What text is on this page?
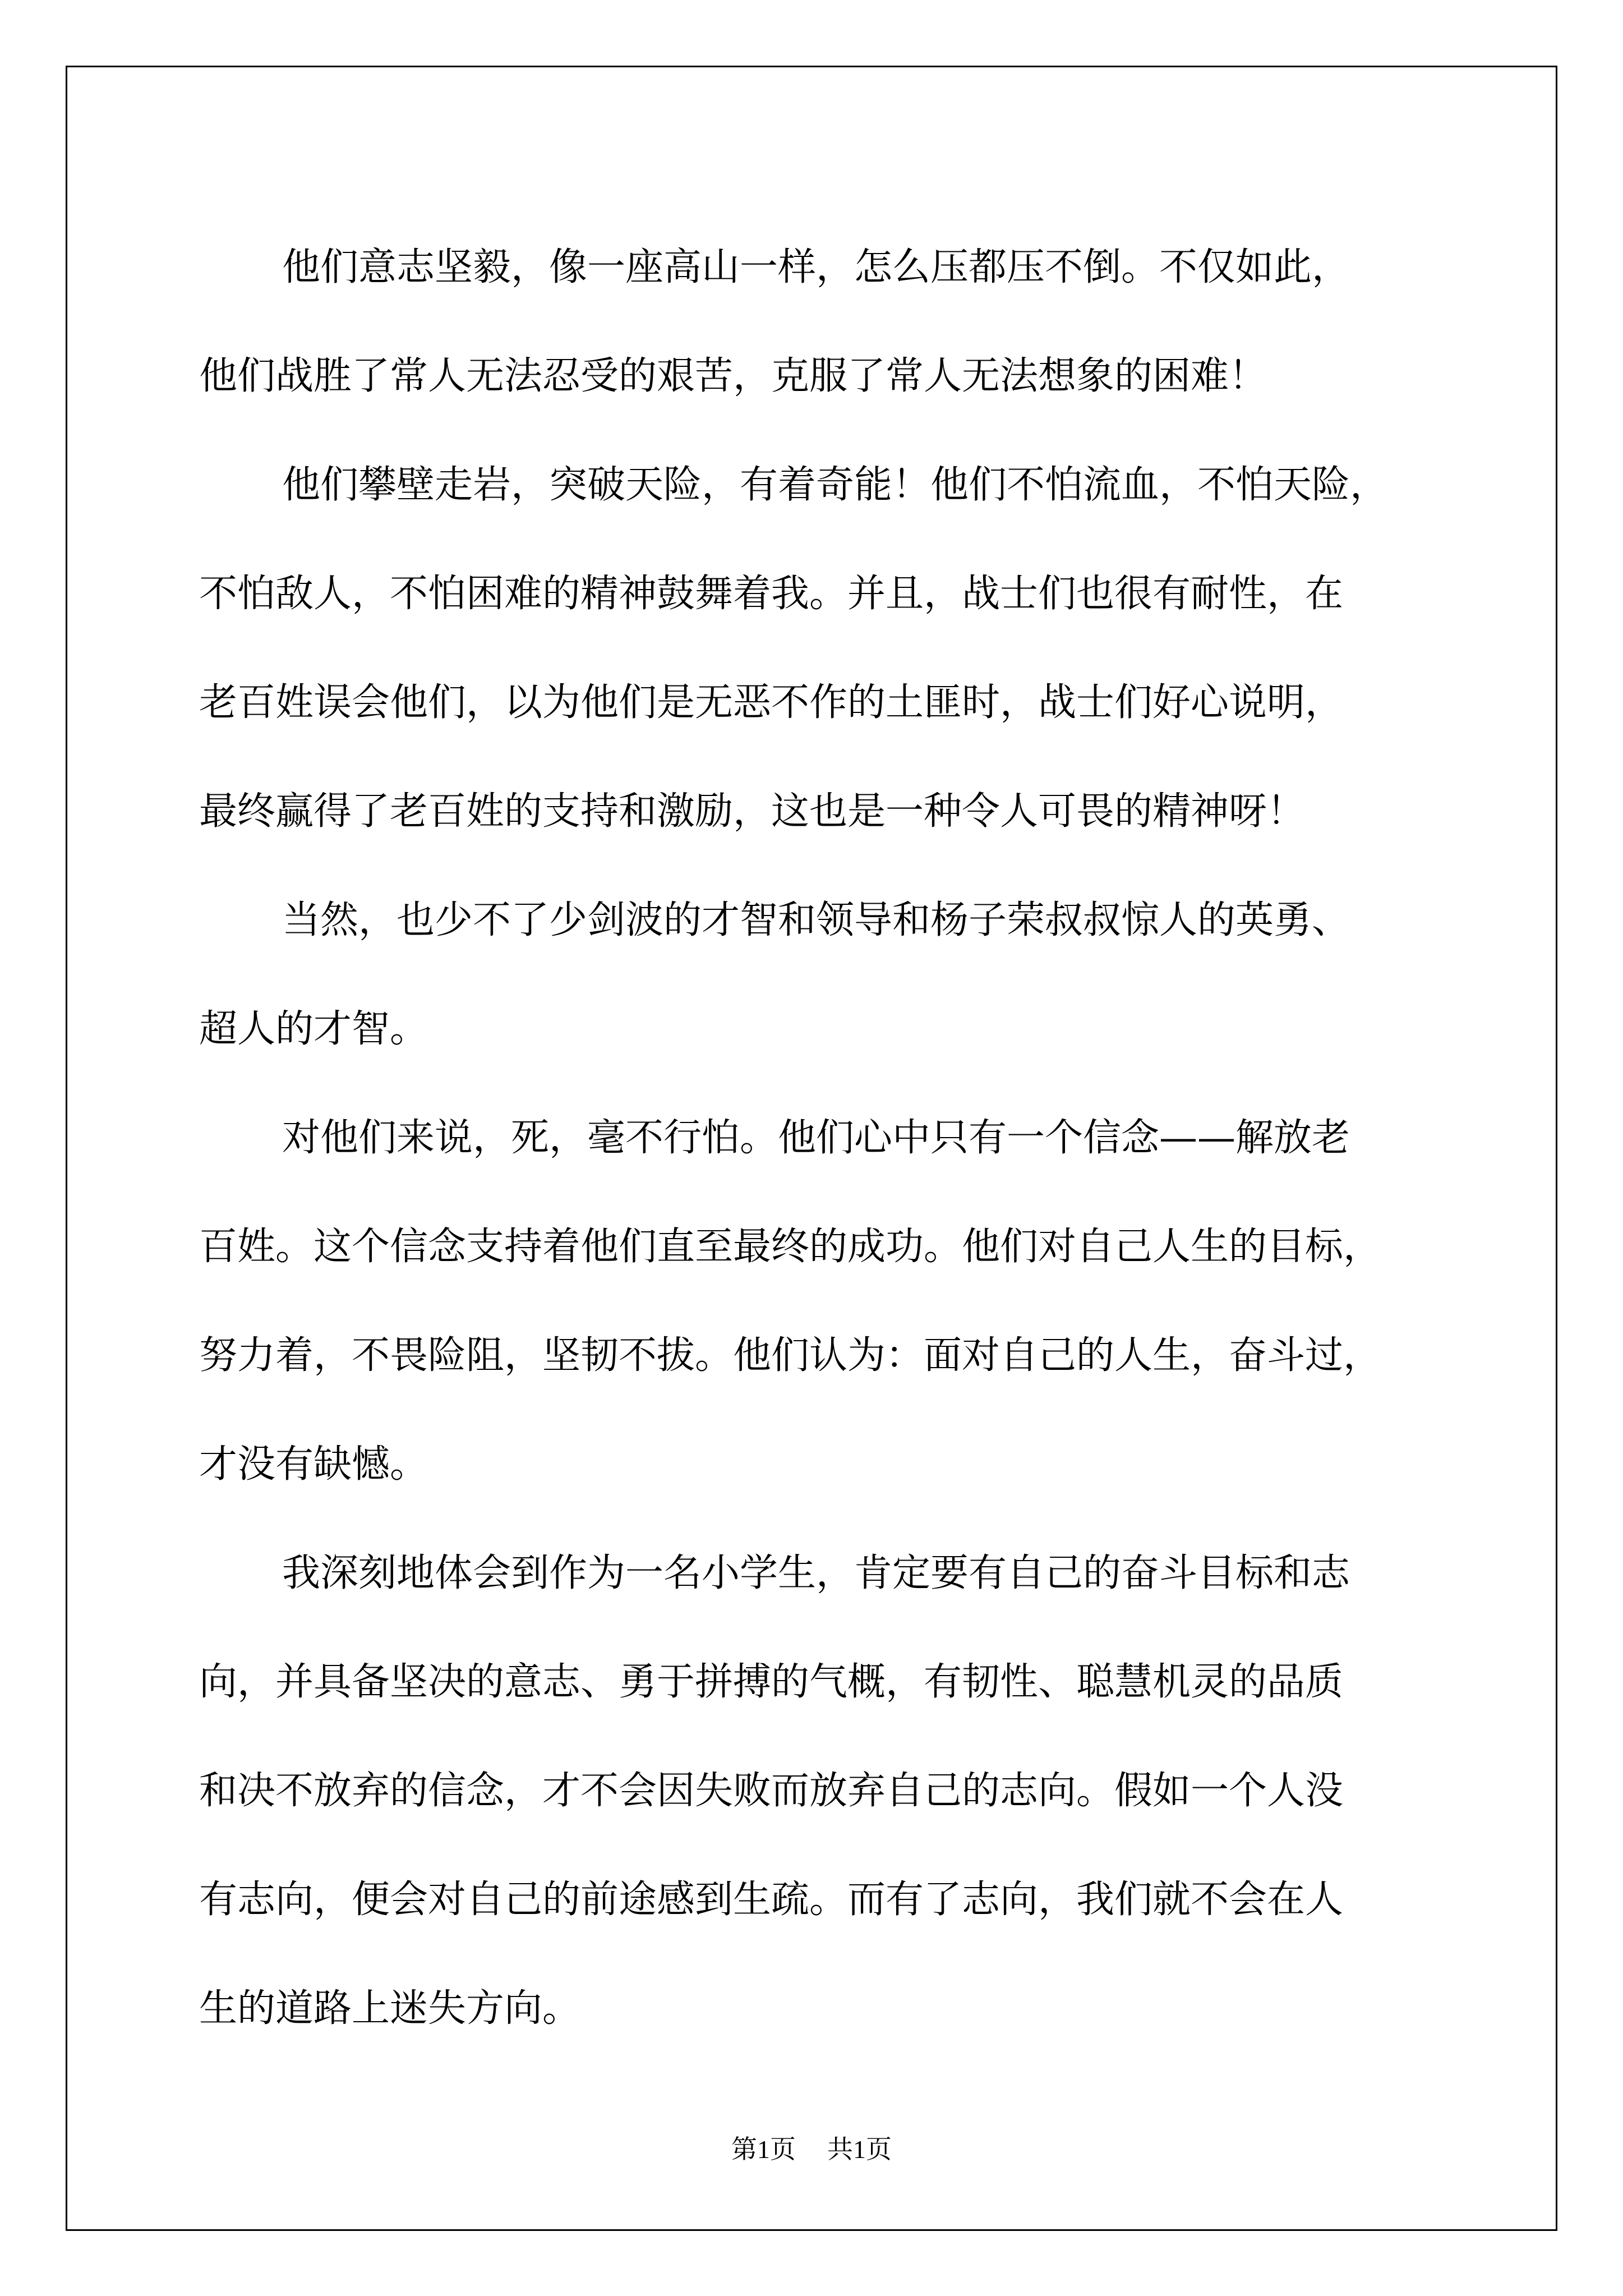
他们意志坚毅，像一座高山一样，怎么压都压不倒。不仅如此，
他们战胜了常人无法忍受的艰苦，克服了常人无法想象的困难！
他们攀壁走岩，突破天险，有着奇能！他们不怕流血，不怕天险，
不怕敌人，不怕困难的精神鼓舞着我。并且，战士们也很有耐性，在
老百姓误会他们，以为他们是无恶不作的土匪时，战士们好心说明，
最终赢得了老百姓的支持和激励，这也是一种令人可畏的精神呀！
当然，也少不了少剑波的才智和领导和杨子荣叔叔惊人的英勇、
超人的才智。
对他们来说，死，毫不行怕。他们心中只有一个信念——解放老
百姓。这个信念支持着他们直至最终的成功。他们对自己人生的目标，
努力着，不畏险阻，坚韧不拔。他们认为：面对自己的人生，奋斗过，
才没有缺憾。
我深刻地体会到作为一名小学生，肯定要有自己的奋斗目标和志
向，并具备坚决的意志、勇于拼搏的气概，有韧性、聪慧机灵的品质
和决不放弃的信念，才不会因失败而放弃自己的志向。假如一个人没
有志向，便会对自己的前途感到生疏。而有了志向，我们就不会在人
生的道路上迷失方向。
第1页 共1页
